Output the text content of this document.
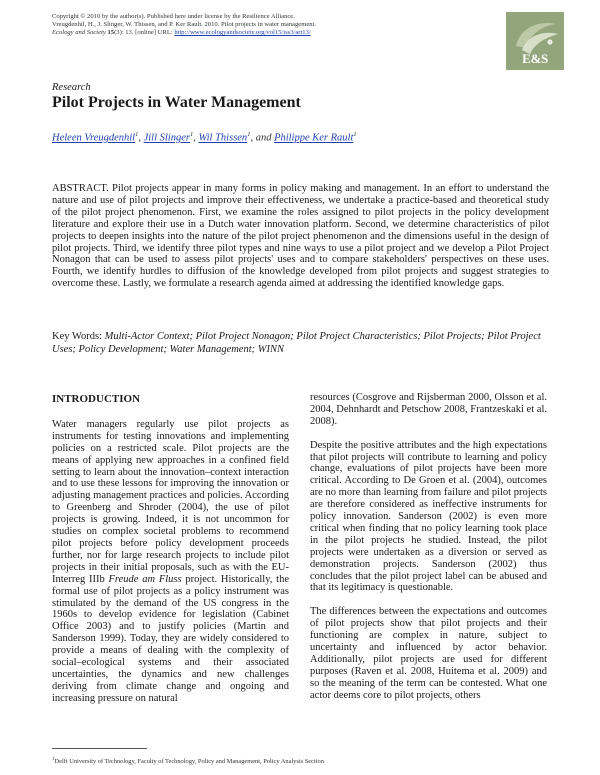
Copyright © 2010 by the author(s). Published here under license by the Resilience Alliance.
Vreugdenhil, H., J. Slinger, W. Thissen, and P. Ker Rault. 2010. Pilot projects in water management.
Ecology and Society 15(3): 13. [online] URL: http://www.ecologyandsociety.org/vol15/iss3/art13/
E&S
Research
Pilot Projects in Water Management
Heleen Vreugdenhil$^1$, Jill Slinger$^1$, Wil Thissen$^1$, and Philippe Ker Rault$^1$

ABSTRACT. Pilot projects appear in many forms in policy making and management. In an effort to understand the nature and use of pilot projects and improve their effectiveness, we undertake a practice-based and theoretical study of the pilot project phenomenon. First, we examine the roles assigned to pilot projects in the policy development literature and explore their use in a Dutch water innovation platform. Second, we determine characteristics of pilot projects to deepen insights into the nature of the pilot project phenomenon and the dimensions useful in the design of pilot projects. Third, we identify three pilot types and nine ways to use a pilot project and we develop a Pilot Project Nonagon that can be used to assess pilot projects' uses and to compare stakeholders' perspectives on these uses. Fourth, we identify hurdles to diffusion of the knowledge developed from pilot projects and suggest strategies to overcome these. Lastly, we formulate a research agenda aimed at addressing the identified knowledge gaps.

Key Words: Multi-Actor Context; Pilot Project Nonagon; Pilot Project Characteristics; Pilot Projects; Pilot Project Uses; Policy Development; Water Management; WINN

INTRODUCTION

Water managers regularly use pilot projects as instruments for testing innovations and implementing policies on a restricted scale. Pilot projects are the means of applying new approaches in a confined field setting to learn about the innovation–context interaction and to use these lessons for improving the innovation or adjusting management practices and policies. According to Greenberg and Shroder (2004), the use of pilot projects is growing. Indeed, it is not uncommon for studies on complex societal problems to recommend pilot projects before policy development proceeds further, nor for large research projects to include pilot projects in their initial proposals, such as with the EU-Interreg IIIb Freude am Fluss project. Historically, the formal use of pilot projects as a policy instrument was stimulated by the demand of the US congress in the 1960s to develop evidence for legislation (Cabinet Office 2003) and to justify policies (Martin and Sanderson 1999). Today, they are widely considered to provide a means of dealing with the complexity of social–ecological systems and their associated uncertainties, the dynamics and new challenges deriving from climate change and ongoing and increasing pressure on natural

resources (Cosgrove and Rijsberman 2000, Olsson et al. 2004, Dehnhardt and Petschow 2008, Frantzeskaki et al. 2008).

Despite the positive attributes and the high expectations that pilot projects will contribute to learning and policy change, evaluations of pilot projects have been more critical. According to De Groen et al. (2004), outcomes are no more than learning from failure and pilot projects are therefore considered as ineffective instruments for policy innovation. Sanderson (2002) is even more critical when finding that no policy learning took place in the pilot projects he studied. Instead, the pilot projects were undertaken as a diversion or served as demonstration projects. Sanderson (2002) thus concludes that the pilot project label can be abused and that its legitimacy is questionable.

The differences between the expectations and outcomes of pilot projects show that pilot projects and their functioning are complex in nature, subject to uncertainty and influenced by actor behavior. Additionally, pilot projects are used for different purposes (Raven et al. 2008, Huitema et al. 2009) and so the meaning of the term can be contested. What one actor deems core to pilot projects, others

$^1$Delft University of Technology, Faculty of Technology, Policy and Management, Policy Analysis Section
